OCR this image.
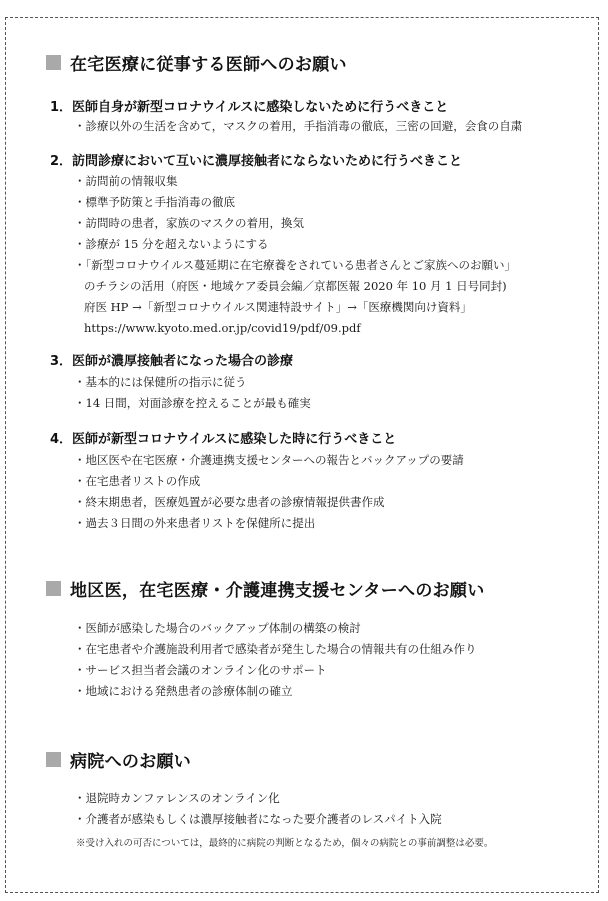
在宅医療に従事する医師へのお願い
1．医師自身が新型コロナウイルスに感染しないために行うべきこと
・診療以外の生活を含めて，マスクの着用，手指消毒の徹底，三密の回避，会食の自粛
2．訪問診療において互いに濃厚接触者にならないために行うべきこと
・訪問前の情報収集
・標準予防策と手指消毒の徹底
・訪問時の患者，家族のマスクの着用，換気
・診療が 15 分を超えないようにする
・「新型コロナウイルス蔓延期に在宅療養をされている患者さんとご家族へのお願い」
のチラシの活用（府医・地域ケア委員会編／京都医報 2020 年 10 月 1 日号同封)
府医 HP →「新型コロナウイルス関連特設サイト」→「医療機関向け資料」
https://www.kyoto.med.or.jp/covid19/pdf/09.pdf
3．医師が濃厚接触者になった場合の診療
・基本的には保健所の指示に従う
・14 日間，対面診療を控えることが最も確実
4．医師が新型コロナウイルスに感染した時に行うべきこと
・地区医や在宅医療・介護連携支援センターへの報告とバックアップの要請
・在宅患者リストの作成
・終末期患者，医療処置が必要な患者の診療情報提供書作成
・過去３日間の外来患者リストを保健所に提出
地区医，在宅医療・介護連携支援センターへのお願い
・医師が感染した場合のバックアップ体制の構築の検討
・在宅患者や介護施設利用者で感染者が発生した場合の情報共有の仕組み作り
・サービス担当者会議のオンライン化のサポート
・地域における発熱患者の診療体制の確立
病院へのお願い
・退院時カンファレンスのオンライン化
・介護者が感染もしくは濃厚接触者になった要介護者のレスパイト入院
※受け入れの可否については，最終的に病院の判断となるため，個々の病院との事前調整は必要。
